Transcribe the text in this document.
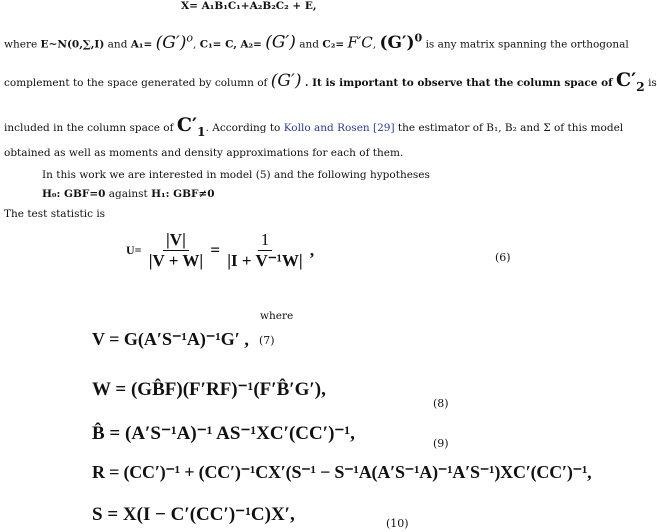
X= A₁B₁C₁+A₂B₂C₂ + E,
where E~N(0,∑,I) and $A_1= (G')^o$, C₁= C, A₂= (G′) and C₂= F′C, $(G')^0$ is any matrix spanning the orthogonal
complement to the space generated by column of (G′) . It is important to observe that the column space of $C'_2$ is
included in the column space of $C'_1$. According to Kollo and Rosen [29] the estimator of B₁, B₂ and Σ of this model
obtained as well as moments and density approximations for each of them.
In this work we are interested in model (5) and the following hypotheses
H₀: GBF=0 against H₁: GBF≠0
The test statistic is
$U= \frac{|V|}{|V + W|} = \frac{1}{\text{|I + V⁻¹W|}}$ ,	(6)
where
V = G(A′S⁻¹A)⁻¹G′ , (7)
W = (GB̂F)(F′RF)⁻¹(F′B̂′G′),
(8)
B̂ = (A′S⁻¹A)⁻¹ AS⁻¹XC′(CC′)⁻¹,	(9)
R = (CC′)⁻¹ + (CC′)⁻¹CX′(S⁻¹ − S⁻¹A(A′S⁻¹A)⁻¹A′S⁻¹)XC′(CC′)⁻¹,
S = X(I − C′(CC′)⁻¹C)X′,	(10)
